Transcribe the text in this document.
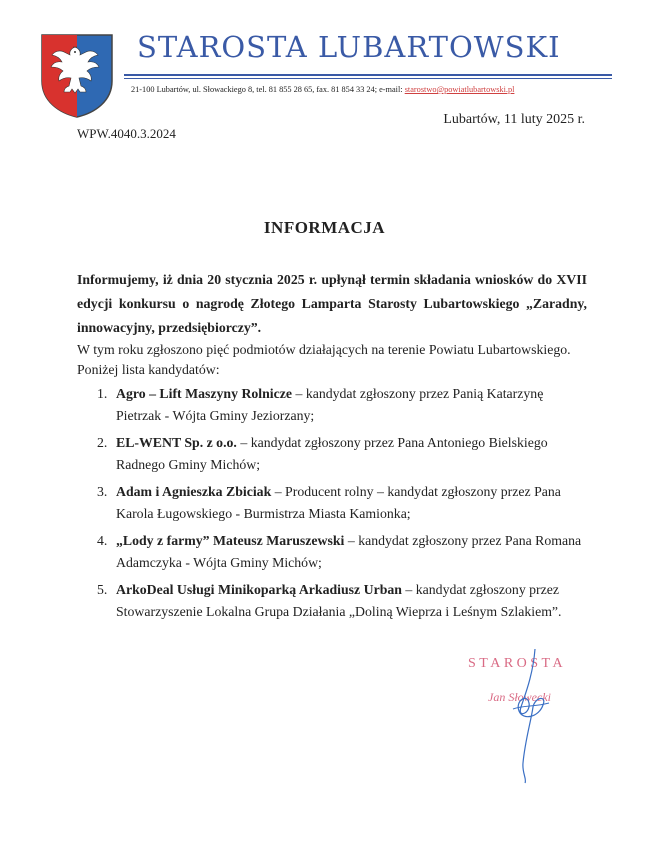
STAROSTA LUBARTOWSKI
21-100 Lubartów, ul. Słowackiego 8, tel. 81 855 28 65, fax. 81 854 33 24; e-mail: starostwo@powiatlubartowski.pl
Lubartów, 11 luty 2025 r.
WPW.4040.3.2024
INFORMACJA
Informujemy, iż dnia 20 stycznia 2025 r. upłynął termin składania wniosków do XVII
edycji konkursu o nagrodę Złotego Lamparta Starosty Lubartowskiego „Zaradny,
innowacyjny, przedsiębiorczy”.
W tym roku zgłoszono pięć podmiotów działających na terenie Powiatu Lubartowskiego.
Poniżej lista kandydatów:
1. Agro – Lift Maszyny Rolnicze – kandydat zgłoszony przez Panią Katarzynę Pietrzak - Wójta Gminy Jeziorzany;
2. EL-WENT Sp. z o.o. – kandydat zgłoszony przez Pana Antoniego Bielskiego Radnego Gminy Michów;
3. Adam i Agnieszka Zbiciak – Producent rolny – kandydat zgłoszony przez Pana Karola Ługowskiego - Burmistrza Miasta Kamionka;
4. „Lody z farmy” Mateusz Maruszewski – kandydat zgłoszony przez Pana Romana Adamczyka - Wójta Gminy Michów;
5. ArkoDeal Usługi Minikoparką Arkadiusz Urban – kandydat zgłoszony przez Stowarzyszenie Lokalna Grupa Działania „Doliną Wieprza i Leśnym Szlakiem”.
STAROSTA
Jan Słowecki
